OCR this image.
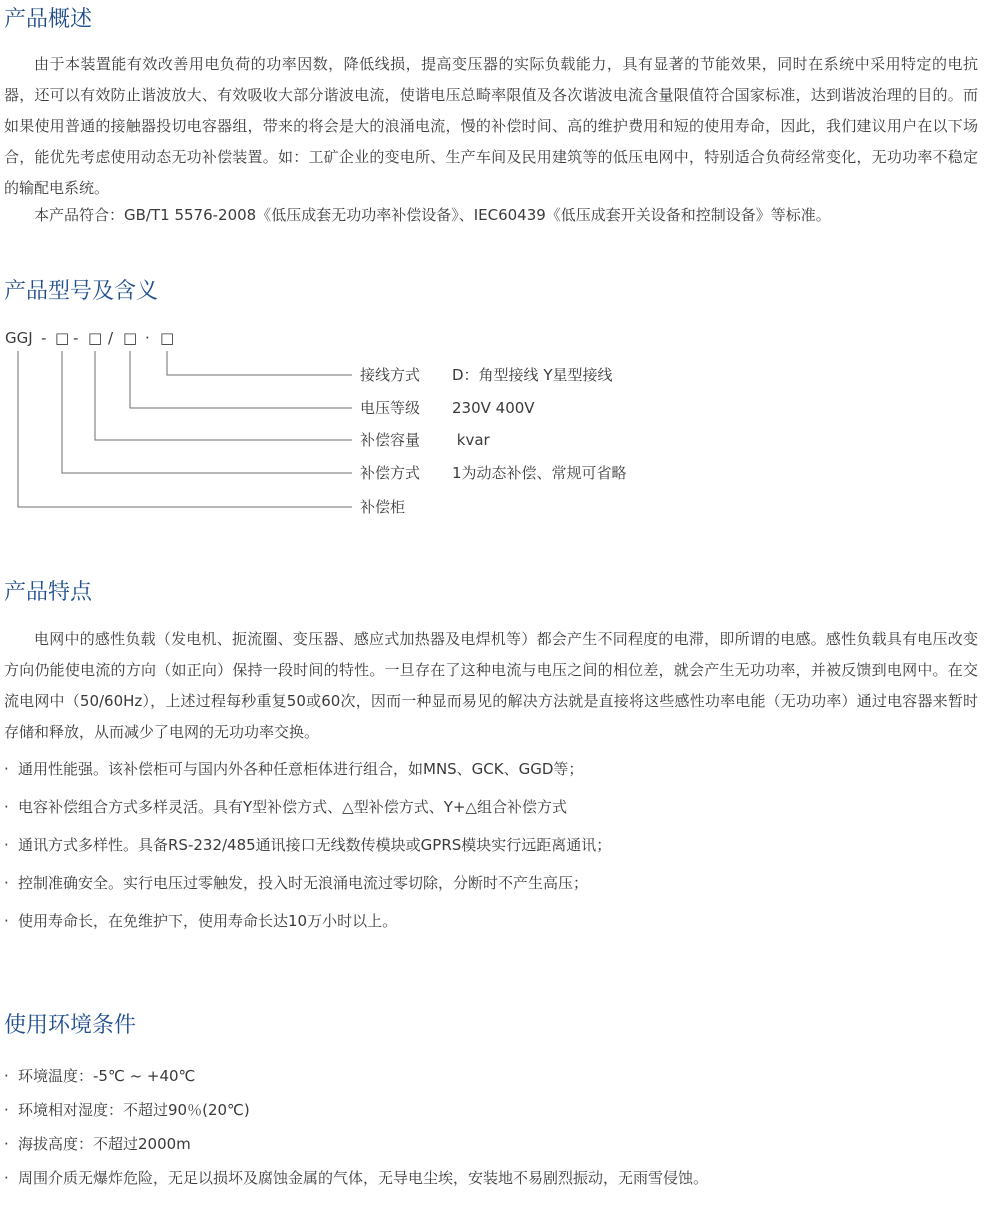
产品概述

由于本装置能有效改善用电负荷的功率因数，降低线损，提高变压器的实际负载能力，具有显著的节能效果，同时在系统中采用特定的电抗器，还可以有效防止谐波放大、有效吸收大部分谐波电流，使谐电压总畸率限值及各次谐波电流含量限值符合国家标准，达到谐波治理的目的。而如果使用普通的接触器投切电容器组，带来的将会是大的浪涌电流，慢的补偿时间、高的维护费用和短的使用寿命，因此，我们建议用户在以下场合，能优先考虑使用动态无功补偿装置。如：工矿企业的变电所、生产车间及民用建筑等的低压电网中，特别适合负荷经常变化，无功功率不稳定的输配电系统。

本产品符合：GB/T1 5576-2008《低压成套无功功率补偿设备》、IEC60439《低压成套开关设备和控制设备》等标准。

产品型号及含义
GGJ - □ - □ / □ · □
接线方式 D：角型接线 Y星型接线
电压等级 230V 400V
补偿容量 kvar
补偿方式 1为动态补偿、常规可省略
补偿柜
产品特点

电网中的感性负载（发电机、扼流圈、变压器、感应式加热器及电焊机等）都会产生不同程度的电滞，即所谓的电感。感性负载具有电压改变方向仍能使电流的方向（如正向）保持一段时间的特性。一旦存在了这种电流与电压之间的相位差，就会产生无功功率，并被反馈到电网中。在交流电网中（50/60Hz），上述过程每秒重复50或60次，因而一种显而易见的解决方法就是直接将这些感性功率电能（无功功率）通过电容器来暂时存储和释放，从而减少了电网的无功功率交换。

· 通用性能强。该补偿柜可与国内外各种任意柜体进行组合，如MNS、GCK、GGD等；
· 电容补偿组合方式多样灵活。具有Y型补偿方式、△型补偿方式、Y+△组合补偿方式
· 通讯方式多样性。具备RS-232/485通讯接口无线数传模块或GPRS模块实行远距离通讯；
· 控制准确安全。实行电压过零触发，投入时无浪涌电流过零切除，分断时不产生高压；
· 使用寿命长，在免维护下，使用寿命长达10万小时以上。
使用环境条件
· 环境温度：-5℃ ~ +40℃
· 环境相对湿度：不超过90％(20℃)
· 海拔高度：不超过2000m
· 周围介质无爆炸危险，无足以损坏及腐蚀金属的气体，无导电尘埃，安装地不易剧烈振动，无雨雪侵蚀。
